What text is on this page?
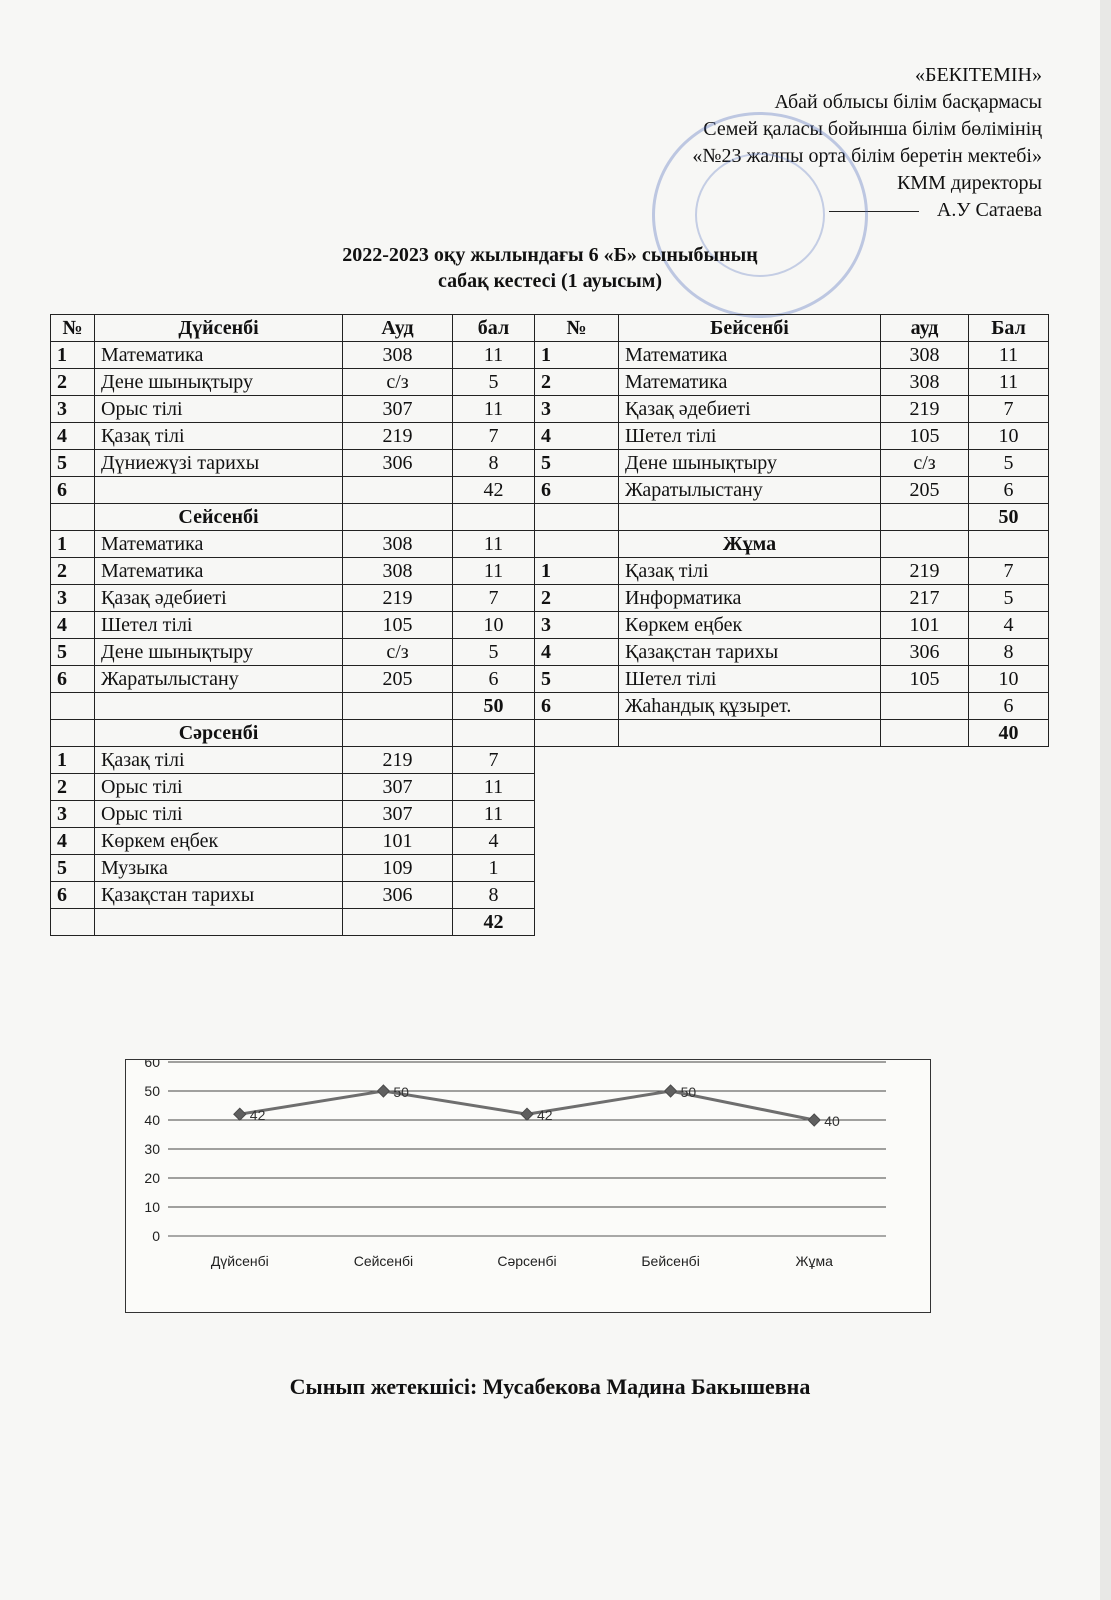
«БЕКІТЕМІН»
Абай облысы білім басқармасы
Семей қаласы бойынша білім бөлімінің
«№23 жалпы орта білім беретін мектебі»
КММ директоры
А.У Сатаева
2022-2023 оқу жылындағы 6 «Б» сыныбының
сабақ кестесі (1 ауысым)
№	Дүйсенбі	Ауд	бал
1	Математика	308	11
2	Дене шынықтыру	с/з	5
3	Орыс тілі	307	11
4	Қазақ тілі	219	7
5	Дүниежүзі тарихы	306	8
6			42
	Сейсенбі		
1	Математика	308	11
2	Математика	308	11
3	Қазақ әдебиеті	219	7
4	Шетел тілі	105	10
5	Дене шынықтыру	с/з	5
6	Жаратылыстану	205	6
			50
	Сәрсенбі		
1	Қазақ тілі	219	7
2	Орыс тілі	307	11
3	Орыс тілі	307	11
4	Көркем еңбек	101	4
5	Музыка	109	1
6	Қазақстан тарихы	306	8
			42
№	Бейсенбі	ауд	Бал
1	Математика	308	11
2	Математика	308	11
3	Қазақ әдебиеті	219	7
4	Шетел тілі	105	10
5	Дене шынықтыру	с/з	5
6	Жаратылыстану	205	6
			50
	Жұма		
1	Қазақ тілі	219	7
2	Информатика	217	5
3	Көркем еңбек	101	4
4	Қазақстан тарихы	306	8
5	Шетел тілі	105	10
6	Жаһандық құзырет.		6
			40
0
10
20
30
40
50
60
Дүйсенбі	Сейсенбі	Сәрсенбі	Бейсенбі	Жұма
42
50
42
50
40
Сынып жетекшісі: Мусабекова Мадина Бакышевна
